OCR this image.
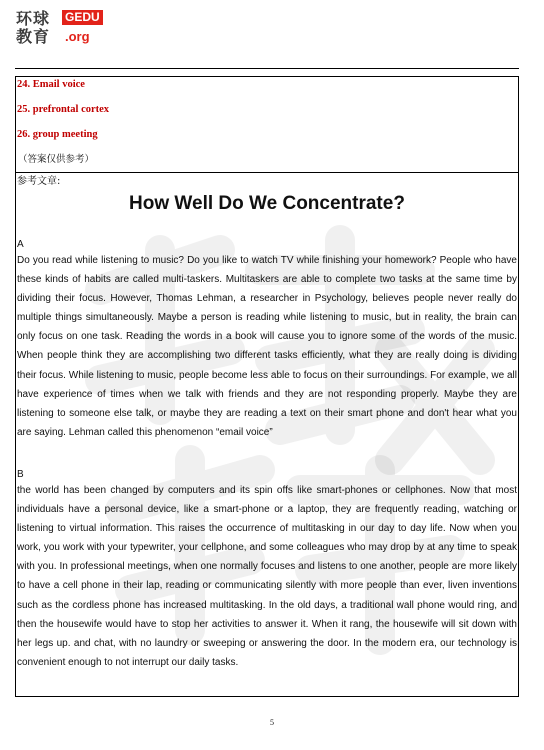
环球
教育
GEDU
.org
24. Email voice
25. prefrontal cortex
26. group meeting
（答案仅供参考）
参考文章:
How Well Do We Concentrate?
A
Do you read while listening to music? Do you like to watch TV while finishing your homework? People who have these kinds of habits are called multi-taskers. Multitaskers are able to complete two tasks at the same time by dividing their focus. However, Thomas Lehman, a researcher in Psychology, believes people never really do multiple things simultaneously. Maybe a person is reading while listening to music, but in reality, the brain can only focus on one task. Reading the words in a book will cause you to ignore some of the words of the music. When people think they are accomplishing two different tasks efficiently, what they are really doing is dividing their focus. While listening to music, people become less able to focus on their surroundings. For example, we all have experience of times when we talk with friends and they are not responding properly. Maybe they are listening to someone else talk, or maybe they are reading a text on their smart phone and don't hear what you are saying. Lehman called this phenomenon “email voice”
B
the world has been changed by computers and its spin offs like smart-phones or cellphones. Now that most individuals have a personal device, like a smart-phone or a laptop, they are frequently reading, watching or listening to virtual information. This raises the occurrence of multitasking in our day to day life. Now when you work, you work with your typewriter, your cellphone, and some colleagues who may drop by at any time to speak with you. In professional meetings, when one normally focuses and listens to one another, people are more likely to have a cell phone in their lap, reading or communicating silently with more people than ever, liven inventions such as the cordless phone has increased multitasking. In the old days, a traditional wall phone would ring, and then the housewife would have to stop her activities to answer it. When it rang, the housewife will sit down with her legs up. and chat, with no laundry or sweeping or answering the door. In the modern era, our technology is convenient enough to not interrupt our daily tasks.
5
